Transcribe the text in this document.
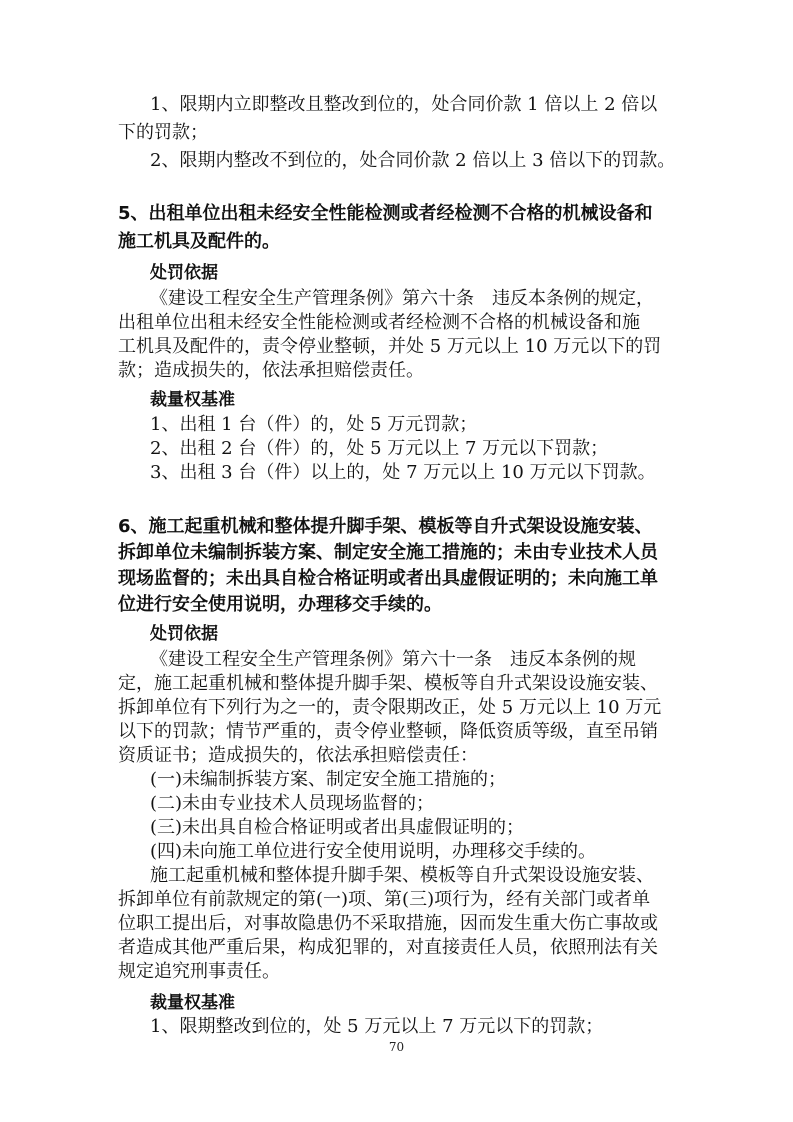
1、限期内立即整改且整改到位的，处合同价款 1 倍以上 2 倍以
下的罚款；
2、限期内整改不到位的，处合同价款 2 倍以上 3 倍以下的罚款。
5、出租单位出租未经安全性能检测或者经检测不合格的机械设备和
施工机具及配件的。
处罚依据
《建设工程安全生产管理条例》第六十条　违反本条例的规定，
出租单位出租未经安全性能检测或者经检测不合格的机械设备和施
工机具及配件的，责令停业整顿，并处 5 万元以上 10 万元以下的罚
款；造成损失的，依法承担赔偿责任。
裁量权基准
1、出租 1 台（件）的，处 5 万元罚款；
2、出租 2 台（件）的，处 5 万元以上 7 万元以下罚款；
3、出租 3 台（件）以上的，处 7 万元以上 10 万元以下罚款。
6、施工起重机械和整体提升脚手架、模板等自升式架设设施安装、
拆卸单位未编制拆装方案、制定安全施工措施的；未由专业技术人员
现场监督的；未出具自检合格证明或者出具虚假证明的；未向施工单
位进行安全使用说明，办理移交手续的。
处罚依据
《建设工程安全生产管理条例》第六十一条　违反本条例的规
定，施工起重机械和整体提升脚手架、模板等自升式架设设施安装、
拆卸单位有下列行为之一的，责令限期改正，处 5 万元以上 10 万元
以下的罚款；情节严重的，责令停业整顿，降低资质等级，直至吊销
资质证书；造成损失的，依法承担赔偿责任：
(一)未编制拆装方案、制定安全施工措施的；
(二)未由专业技术人员现场监督的；
(三)未出具自检合格证明或者出具虚假证明的；
(四)未向施工单位进行安全使用说明，办理移交手续的。
施工起重机械和整体提升脚手架、模板等自升式架设设施安装、
拆卸单位有前款规定的第(一)项、第(三)项行为，经有关部门或者单
位职工提出后，对事故隐患仍不采取措施，因而发生重大伤亡事故或
者造成其他严重后果，构成犯罪的，对直接责任人员，依照刑法有关
规定追究刑事责任。
裁量权基准
1、限期整改到位的，处 5 万元以上 7 万元以下的罚款；
70
